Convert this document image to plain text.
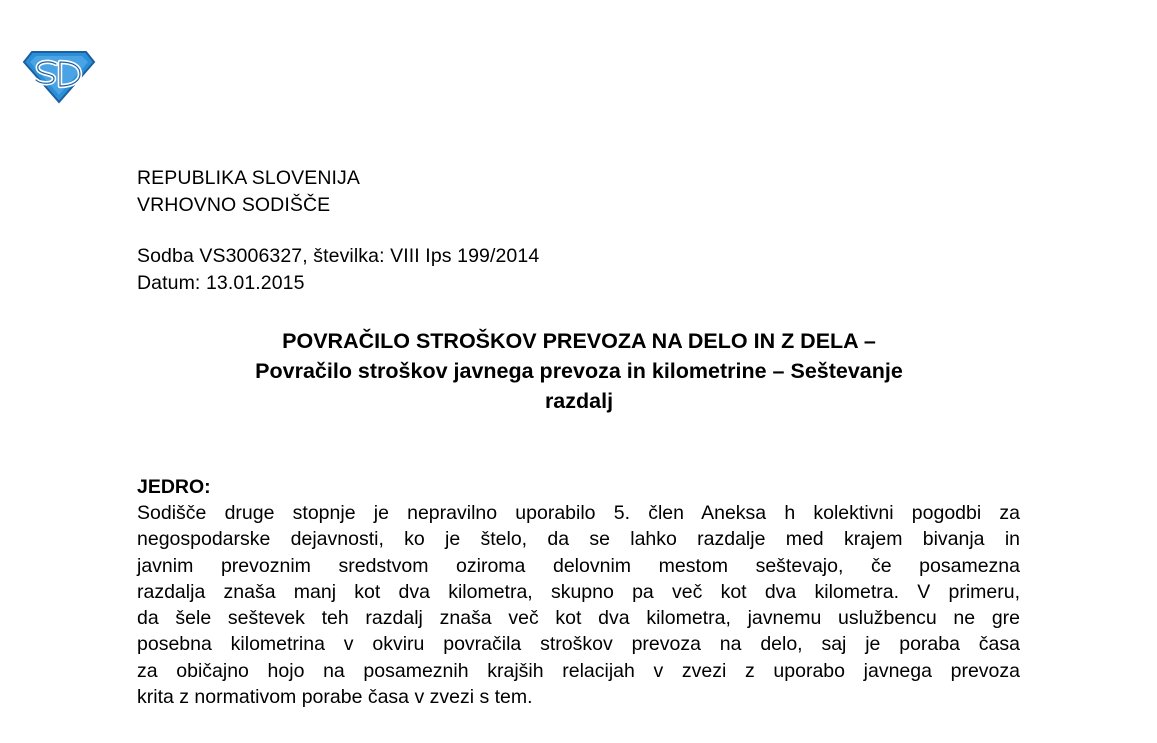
REPUBLIKA SLOVENIJA
VRHOVNO SODIŠČE
Sodba VS3006327, številka: VIII Ips 199/2014
Datum: 13.01.2015
POVRAČILO STROŠKOV PREVOZA NA DELO IN Z DELA –
Povračilo stroškov javnega prevoza in kilometrine – Seštevanje
razdalj
JEDRO:
Sodišče druge stopnje je nepravilno uporabilo 5. člen Aneksa h kolektivni pogodbi za
negospodarske dejavnosti, ko je štelo, da se lahko razdalje med krajem bivanja in
javnim prevoznim sredstvom oziroma delovnim mestom seštevajo, če posamezna
razdalja znaša manj kot dva kilometra, skupno pa več kot dva kilometra. V primeru,
da šele seštevek teh razdalj znaša več kot dva kilometra, javnemu uslužbencu ne gre
posebna kilometrina v okviru povračila stroškov prevoza na delo, saj je poraba časa
za običajno hojo na posameznih krajših relacijah v zvezi z uporabo javnega prevoza
krita z normativom porabe časa v zvezi s tem.
